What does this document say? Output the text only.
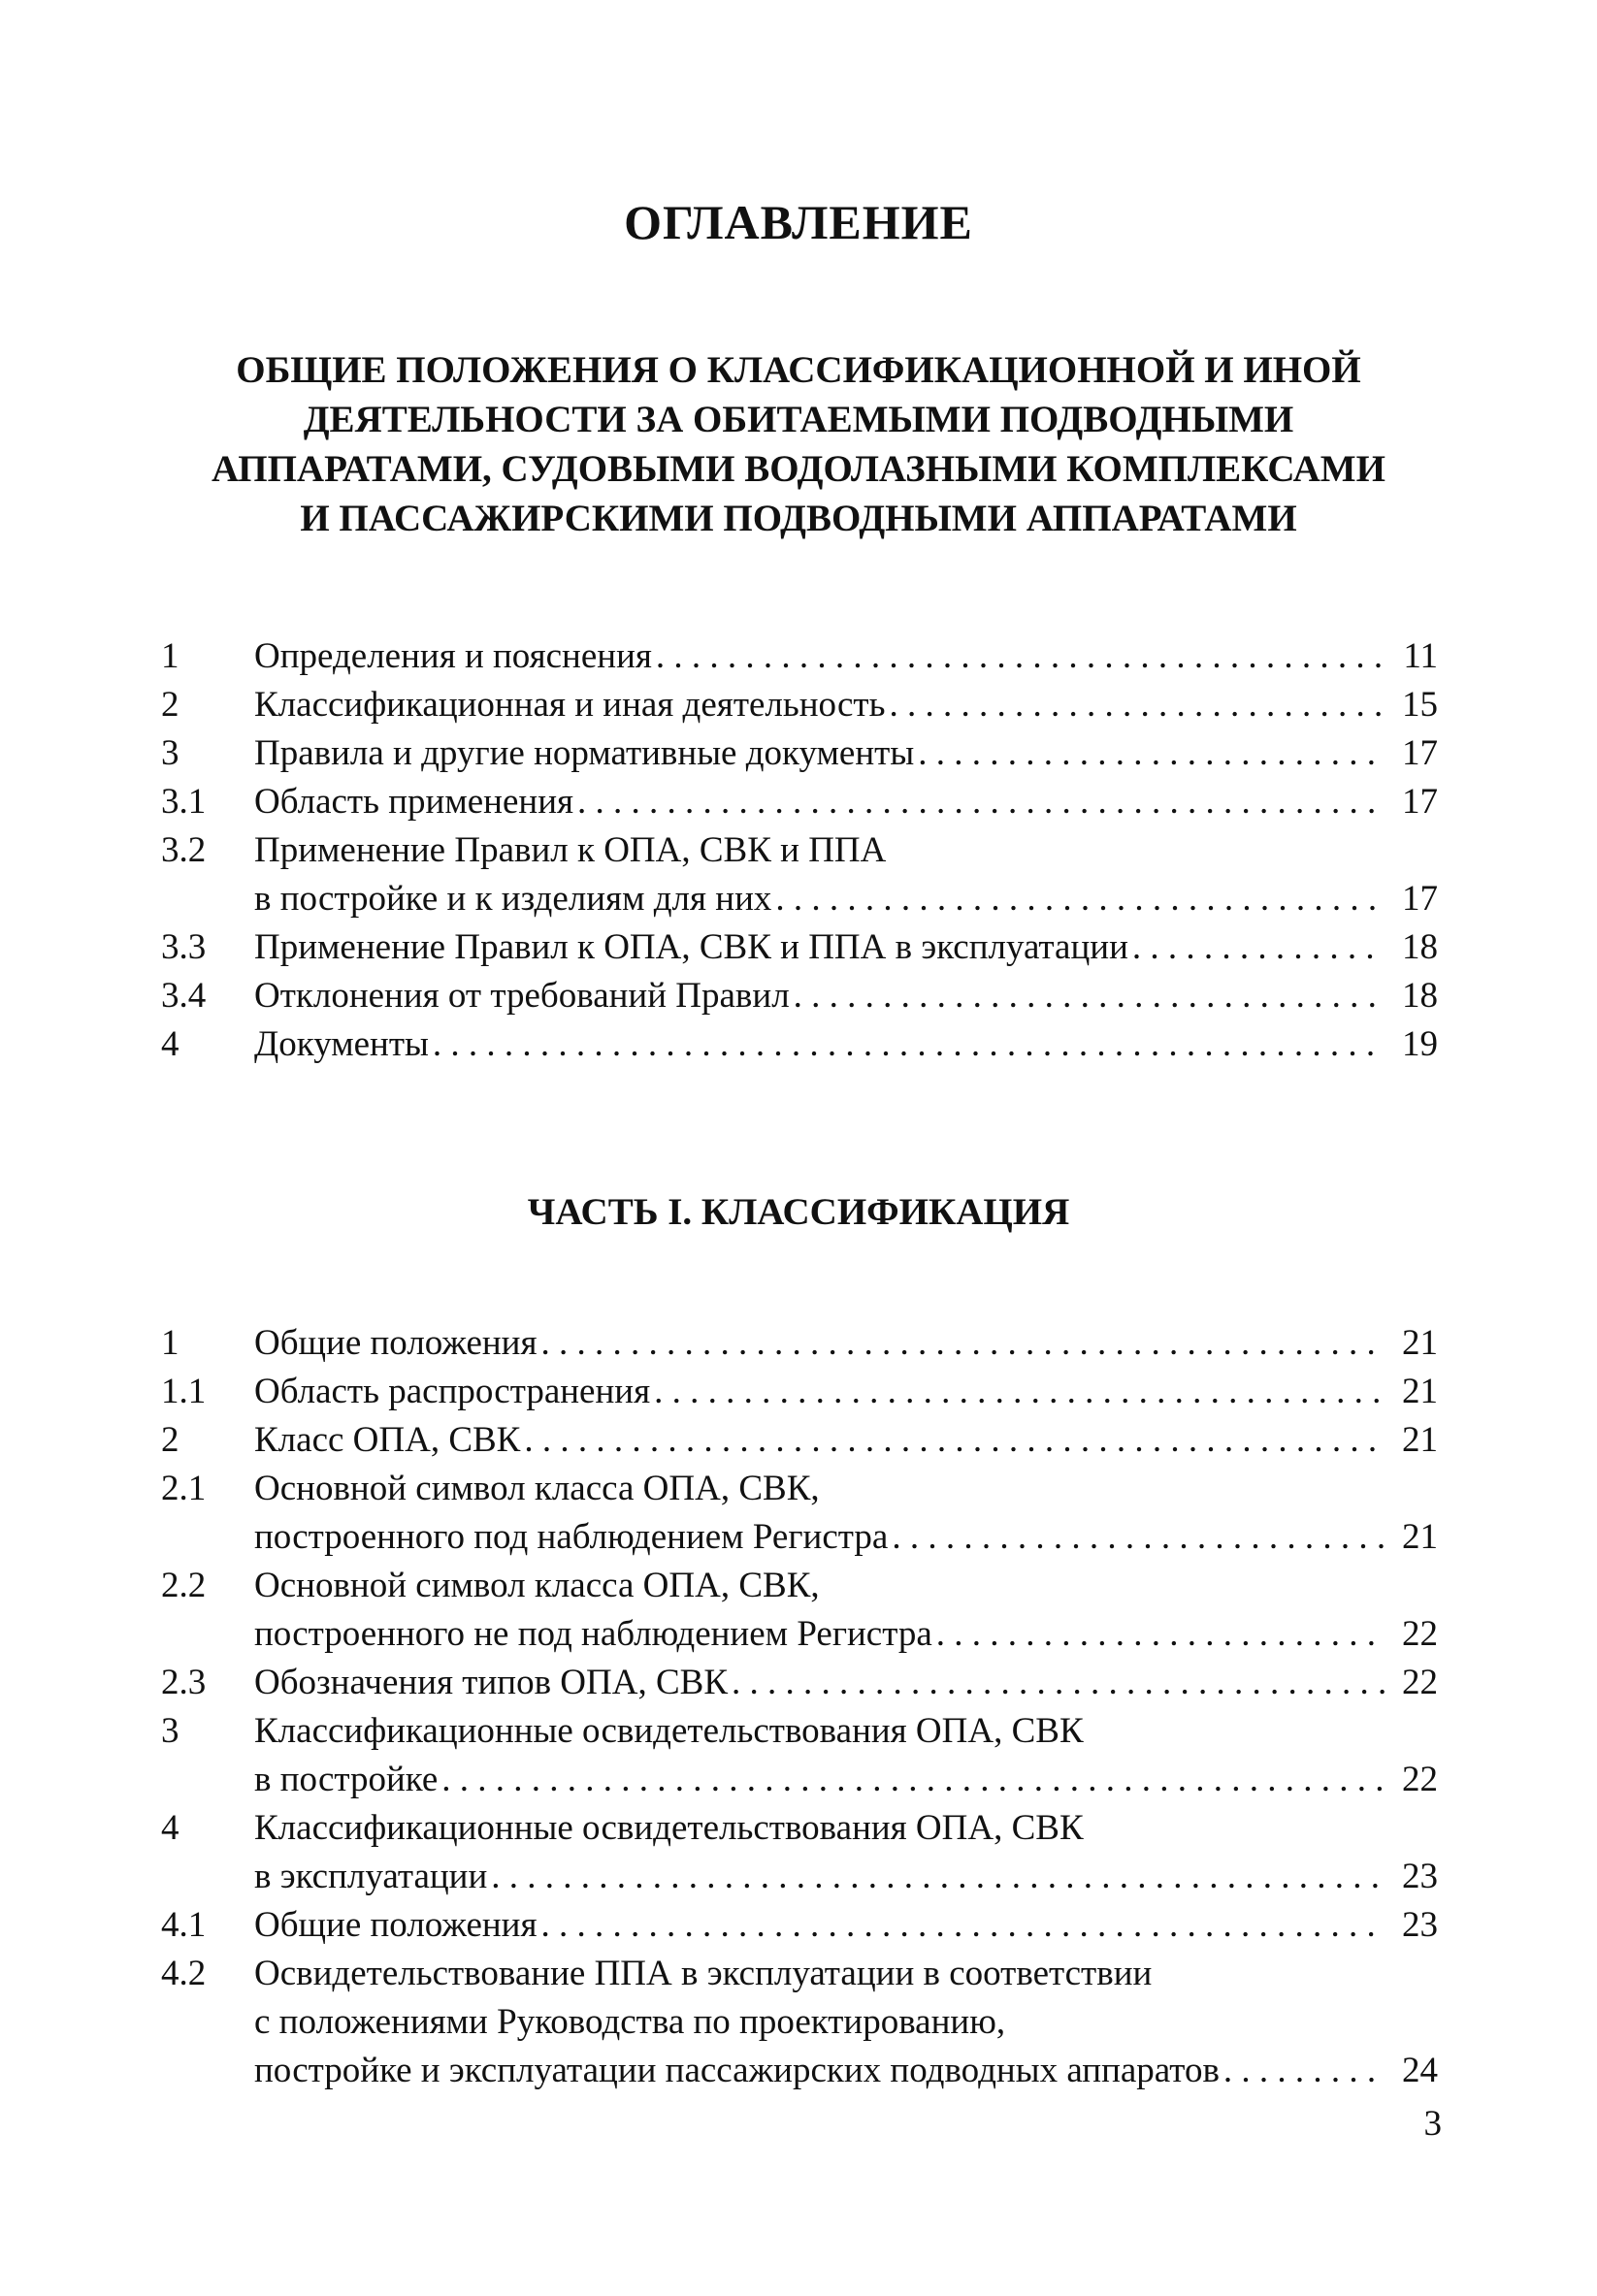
ОГЛАВЛЕНИЕ
ОБЩИЕ ПОЛОЖЕНИЯ О КЛАССИФИКАЦИОННОЙ И ИНОЙ
ДЕЯТЕЛЬНОСТИ ЗА ОБИТАЕМЫМИ ПОДВОДНЫМИ
АППАРАТАМИ, СУДОВЫМИ ВОДОЛАЗНЫМИ КОМПЛЕКСАМИ
И ПАССАЖИРСКИМИ ПОДВОДНЫМИ АППАРАТАМИ
1 Определения и пояснения . . .	11
2 Классификационная и иная деятельность . . .	15
3 Правила и другие нормативные документы . . .	17
3.1 Область применения . . .	17
3.2 Применение Правил к ОПА, СВК и ППА
в постройке и к изделиям для них . . .	17
3.3 Применение Правил к ОПА, СВК и ППА в эксплуатации . . .	18
3.4 Отклонения от требований Правил . . .	18
4 Документы . . .	19
ЧАСТЬ I. КЛАССИФИКАЦИЯ
1 Общие положения . . .	21
1.1 Область распространения . . .	21
2 Класс ОПА, СВК . . .	21
2.1 Основной символ класса ОПА, СВК,
построенного под наблюдением Регистра . . .	21
2.2 Основной символ класса ОПА, СВК,
построенного не под наблюдением Регистра . . .	22
2.3 Обозначения типов ОПА, СВК . . .	22
3 Классификационные освидетельствования ОПА, СВК
в постройке . . .	22
4 Классификационные освидетельствования ОПА, СВК
в эксплуатации . . .	23
4.1 Общие положения . . .	23
4.2 Освидетельствование ППА в эксплуатации в соответствии
с положениями Руководства по проектированию,
постройке и эксплуатации пассажирских подводных аппаратов . . .	24
3
